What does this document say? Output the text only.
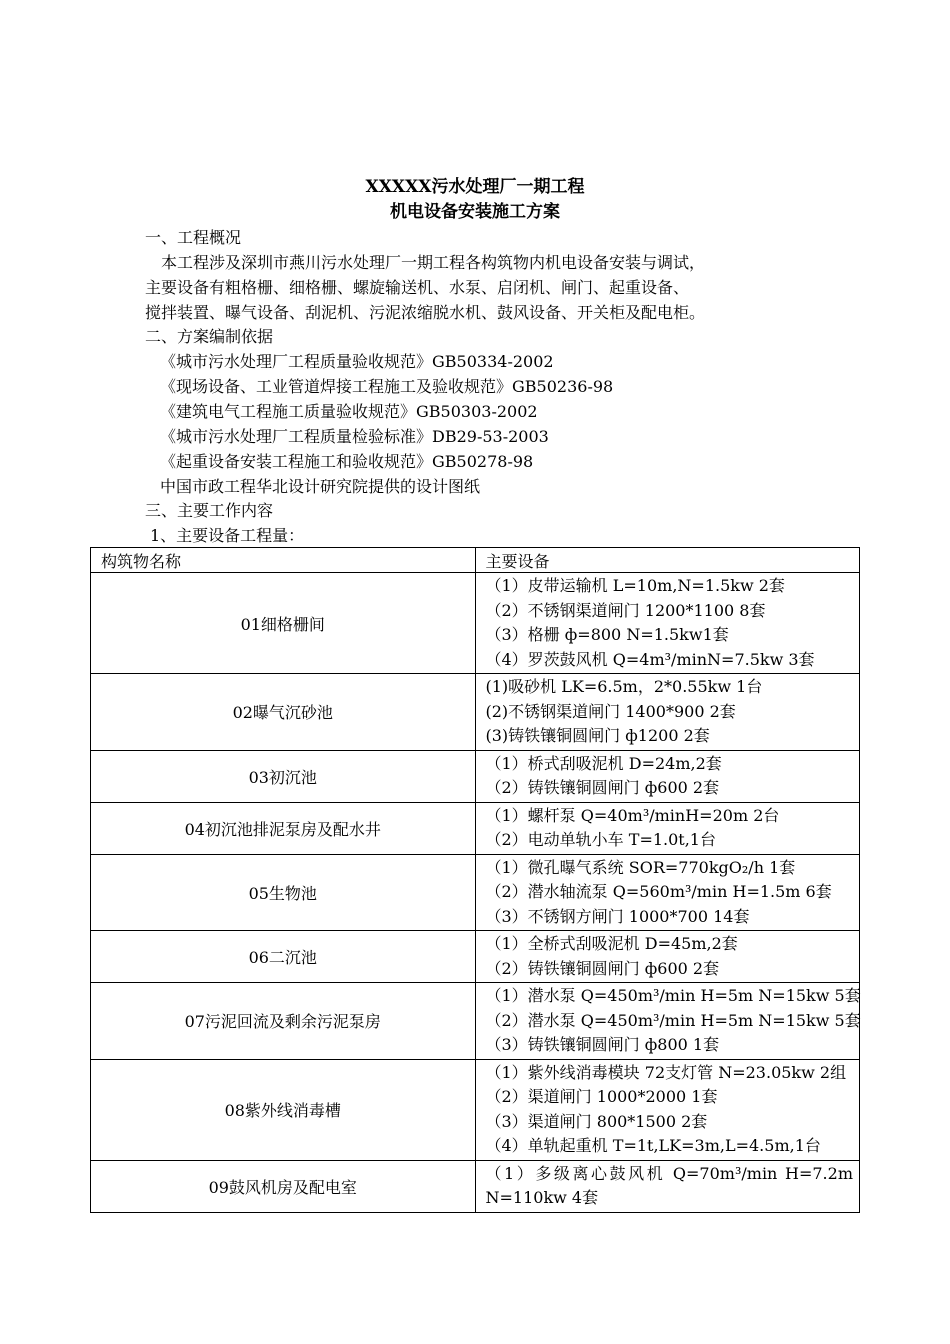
XXXXX污水处理厂一期工程
机电设备安装施工方案
一、工程概况
本工程涉及深圳市燕川污水处理厂一期工程各构筑物内机电设备安装与调试，
主要设备有粗格栅、细格栅、螺旋输送机、水泵、启闭机、闸门、起重设备、
搅拌装置、曝气设备、刮泥机、污泥浓缩脱水机、鼓风设备、开关柜及配电柜。
二、方案编制依据
《城市污水处理厂工程质量验收规范》GB50334-2002
《现场设备、工业管道焊接工程施工及验收规范》GB50236-98
《建筑电气工程施工质量验收规范》GB50303-2002
《城市污水处理厂工程质量检验标准》DB29-53-2003
《起重设备安装工程施工和验收规范》GB50278-98
中国市政工程华北设计研究院提供的设计图纸
三、主要工作内容
1、主要设备工程量：
构筑物名称	主要设备
01细格栅间	（1）皮带运输机 L=10m,N=1.5kw 2套
（2）不锈钢渠道闸门 1200*1100 8套
（3）格栅 ф=800 N=1.5kw1套
（4）罗茨鼓风机 Q=4m³/minN=7.5kw 3套

02曝气沉砂池	(1)吸砂机 LK=6.5m，2*0.55kw 1台
(2)不锈钢渠道闸门 1400*900 2套
(3)铸铁镶铜圆闸门 ф1200 2套

03初沉池	（1）桥式刮吸泥机 D=24m,2套
（2）铸铁镶铜圆闸门 ф600 2套

04初沉池排泥泵房及配水井	（1）螺杆泵 Q=40m³/minH=20m 2台
（2）电动单轨小车 T=1.0t,1台

05生物池	（1）微孔曝气系统 SOR=770kgO₂/h 1套
（2）潜水轴流泵 Q=560m³/min H=1.5m 6套
（3）不锈钢方闸门 1000*700 14套

06二沉池	（1）全桥式刮吸泥机 D=45m,2套
（2）铸铁镶铜圆闸门 ф600 2套

07污泥回流及剩余污泥泵房	（1）潜水泵 Q=450m³/min H=5m N=15kw 5套
（2）潜水泵 Q=450m³/min H=5m N=15kw 5套
（3）铸铁镶铜圆闸门 ф800 1套

08紫外线消毒槽	（1）紫外线消毒模块 72支灯管 N=23.05kw 2组
（2）渠道闸门 1000*2000 1套
（3）渠道闸门 800*1500 2套
（4）单轨起重机 T=1t,LK=3m,L=4.5m,1台

09鼓风机房及配电室	（1）多级离心鼓风机 Q=70m³/min H=7.2m N=110kw 4套
